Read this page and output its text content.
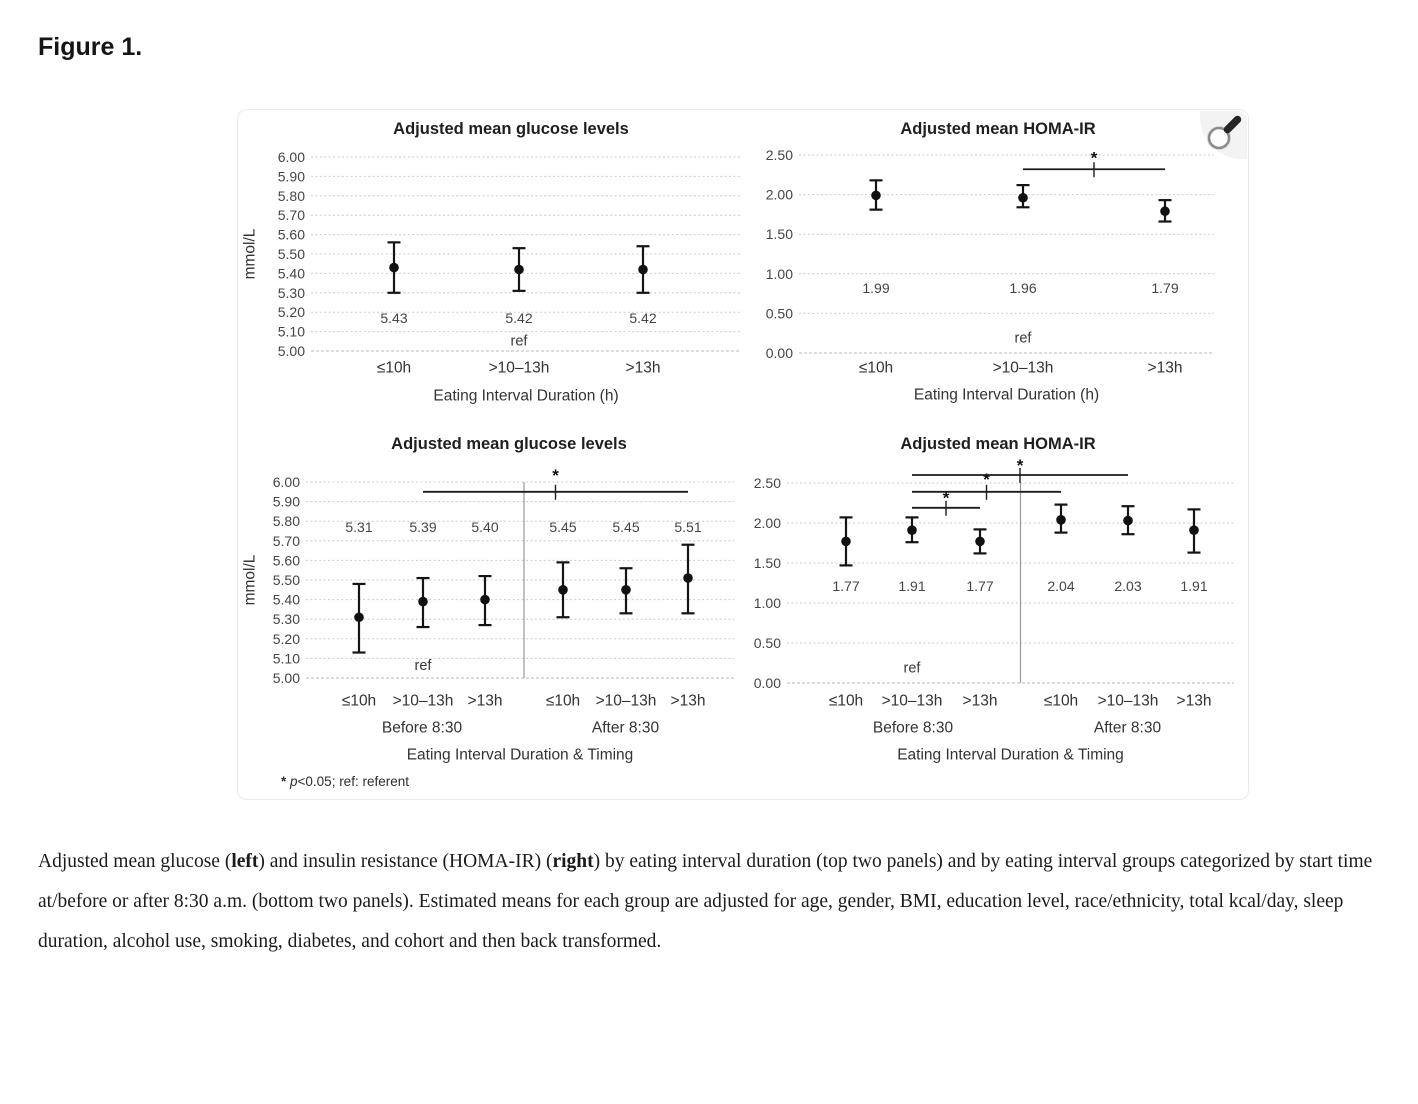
Figure 1.
* p<0.05; ref: referent
5.00
5.10
5.20
5.30
5.40
5.50
5.60
5.70
5.80
5.90
6.00
5.43
≤10h
5.42
ref
>10–13h
5.42
>13h
Adjusted mean glucose levels
Eating Interval Duration (h)
mmol/L
0.00
0.50
1.00
1.50
2.00
2.50	*
1.99
≤10h
1.96
ref
>10–13h
1.79
>13h
Adjusted mean HOMA-IR
Eating Interval Duration (h)
5.00
5.10
5.20
5.30
5.40
5.50
5.60
5.70
5.80
5.90
6.00	*
5.31
≤10h
5.39
ref
>10–13h
5.40
>13h
5.45
≤10h
5.45
>10–13h
5.51
>13h
Before 8:30	After 8:30
Adjusted mean glucose levels
Eating Interval Duration & Timing
mmol/L
0.00
0.50
1.00
1.50
2.00
2.50
*
*
*
1.77
≤10h
1.91
ref
>10–13h
1.77
>13h
2.04
≤10h
2.03
>10–13h
1.91
>13h
Before 8:30	After 8:30
Adjusted mean HOMA-IR
Eating Interval Duration & Timing

Adjusted mean glucose (left) and insulin resistance (HOMA-IR) (right) by eating interval duration (top two panels) and by eating interval groups categorized by start time at/before or after 8:30 a.m. (bottom two panels). Estimated means for each group are adjusted for age, gender, BMI, education level, race/ethnicity, total kcal/day, sleep duration, alcohol use, smoking, diabetes, and cohort and then back transformed.
